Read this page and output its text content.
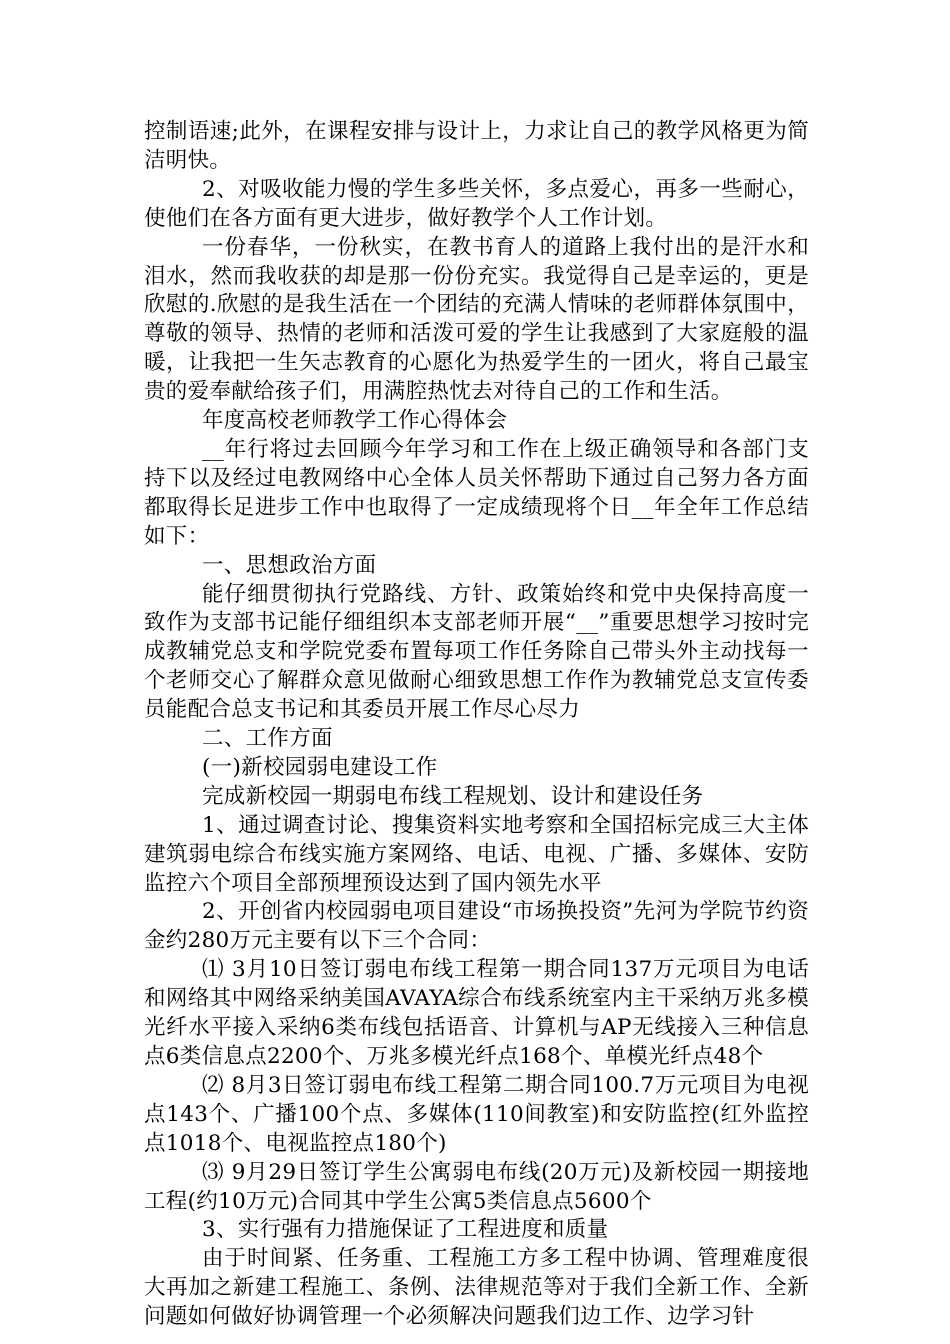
控制语速;此外，在课程安排与设计上，力求让自己的教学风格更为简洁明快。

2、对吸收能力慢的学生多些关怀，多点爱心，再多一些耐心，使他们在各方面有更大进步，做好教学个人工作计划。

一份春华，一份秋实，在教书育人的道路上我付出的是汗水和泪水，然而我收获的却是那一份份充实。我觉得自己是幸运的，更是欣慰的.欣慰的是我生活在一个团结的充满人情味的老师群体氛围中，尊敬的领导、热情的老师和活泼可爱的学生让我感到了大家庭般的温暖，让我把一生矢志教育的心愿化为热爱学生的一团火，将自己最宝贵的爱奉献给孩子们，用满腔热忱去对待自己的工作和生活。

年度高校老师教学工作心得体会

__年行将过去回顾今年学习和工作在上级正确领导和各部门支持下以及经过电教网络中心全体人员关怀帮助下通过自己努力各方面都取得长足进步工作中也取得了一定成绩现将个日__年全年工作总结如下：

一、思想政治方面

能仔细贯彻执行党路线、方针、政策始终和党中央保持高度一致作为支部书记能仔细组织本支部老师开展“__”重要思想学习按时完成教辅党总支和学院党委布置每项工作任务除自己带头外主动找每一个老师交心了解群众意见做耐心细致思想工作作为教辅党总支宣传委员能配合总支书记和其委员开展工作尽心尽力

二、工作方面

(一)新校园弱电建设工作

完成新校园一期弱电布线工程规划、设计和建设任务

1、通过调查讨论、搜集资料实地考察和全国招标完成三大主体建筑弱电综合布线实施方案网络、电话、电视、广播、多媒体、安防监控六个项目全部预埋预设达到了国内领先水平

2、开创省内校园弱电项目建设“市场换投资”先河为学院节约资金约280万元主要有以下三个合同：

⑴ 3月10日签订弱电布线工程第一期合同137万元项目为电话和网络其中网络采纳美国AVAYA综合布线系统室内主干采纳万兆多模光纤水平接入采纳6类布线包括语音、计算机与AP无线接入三种信息点6类信息点2200个、万兆多模光纤点168个、单模光纤点48个

⑵ 8月3日签订弱电布线工程第二期合同100.7万元项目为电视点143个、广播100个点、多媒体(110间教室)和安防监控(红外监控点1018个、电视监控点180个)

⑶ 9月29日签订学生公寓弱电布线(20万元)及新校园一期接地工程(约10万元)合同其中学生公寓5类信息点5600个

3、实行强有力措施保证了工程进度和质量

由于时间紧、任务重、工程施工方多工程中协调、管理难度很大再加之新建工程施工、条例、法律规范等对于我们全新工作、全新问题如何做好协调管理一个必须解决问题我们边工作、边学习针
